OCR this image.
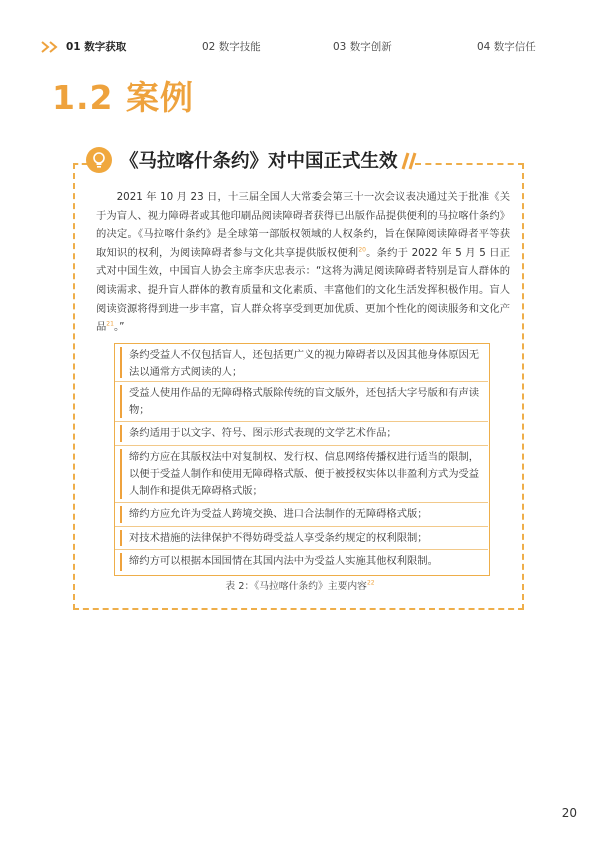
01 数字获取	02 数字技能	03 数字创新	04 数字信任
1.2 案例
《马拉喀什条约》对中国正式生效

2021 年 10 月 23 日，十三届全国人大常委会第三十一次会议表决通过关于批准《关于为盲人、视力障碍者或其他印刷品阅读障碍者获得已出版作品提供便利的马拉喀什条约》的决定。《马拉喀什条约》是全球第一部版权领域的人权条约，旨在保障阅读障碍者平等获取知识的权利，为阅读障碍者参与文化共享提供版权便利$^{20}$。条约于 2022 年 5 月 5 日正式对中国生效，中国盲人协会主席李庆忠表示：“这将为满足阅读障碍者特别是盲人群体的阅读需求、提升盲人群体的教育质量和文化素质、丰富他们的文化生活发挥积极作用。盲人阅读资源将得到进一步丰富，盲人群众将享受到更加优质、更加个性化的阅读服务和文化产品$^{21}$。”

条约受益人不仅包括盲人，还包括更广义的视力障碍者以及因其他身体原因无法以通常方式阅读的人；
受益人使用作品的无障碍格式版除传统的盲文版外，还包括大字号版和有声读物；
条约适用于以文字、符号、图示形式表现的文学艺术作品；
缔约方应在其版权法中对复制权、发行权、信息网络传播权进行适当的限制，以便于受益人制作和使用无障碍格式版、便于被授权实体以非盈利方式为受益人制作和提供无障碍格式版；
缔约方应允许为受益人跨境交换、进口合法制作的无障碍格式版；
对技术措施的法律保护不得妨碍受益人享受条约规定的权利限制；
缔约方可以根据本国国情在其国内法中为受益人实施其他权利限制。
表 2：《马拉喀什条约》主要内容$^{22}$
20
